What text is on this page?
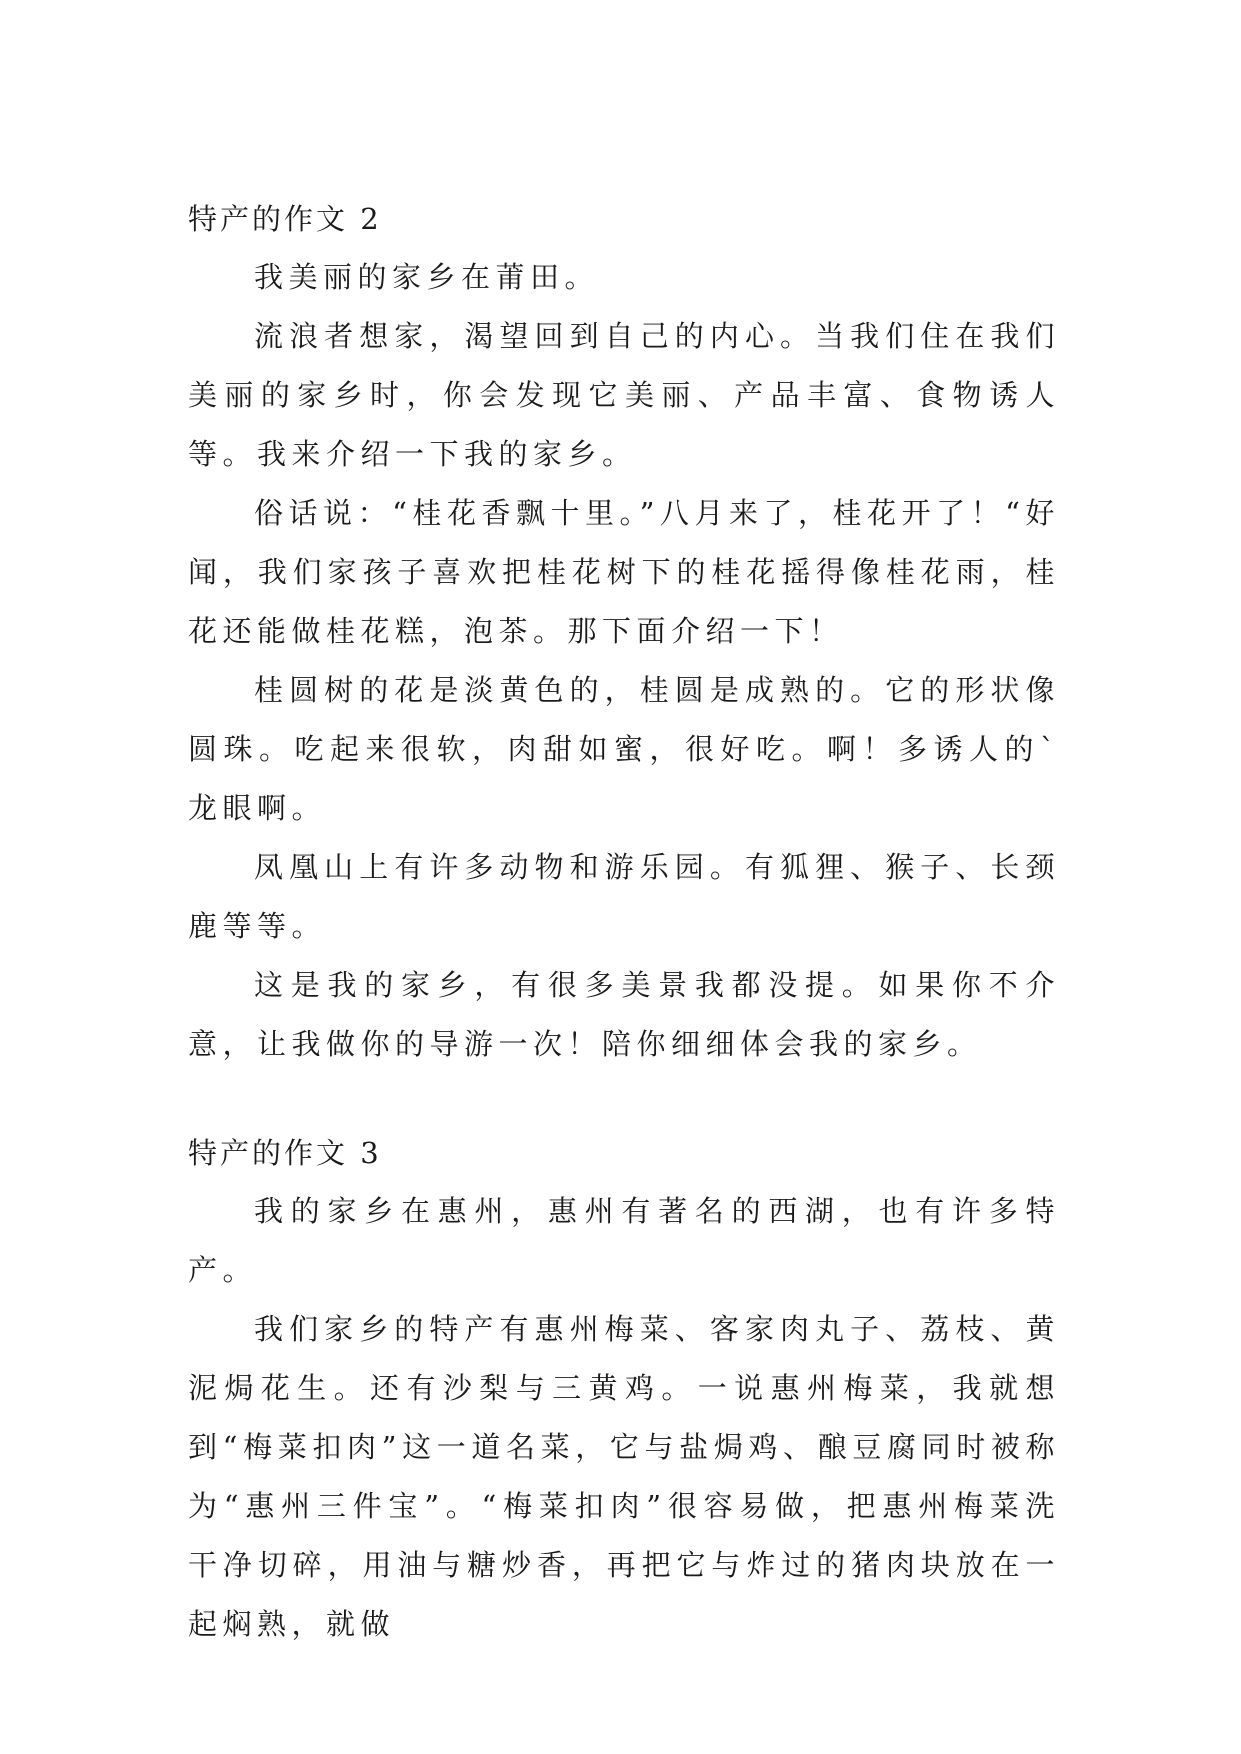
特产的作文 2

我美丽的家乡在莆田。

流浪者想家，渴望回到自己的内心。当我们住在我们美丽的家乡时，你会发现它美丽、产品丰富、食物诱人等。我来介绍一下我的家乡。

俗话说：“桂花香飘十里。”八月来了，桂花开了！“好闻，我们家孩子喜欢把桂花树下的桂花摇得像桂花雨，桂花还能做桂花糕，泡茶。那下面介绍一下！

桂圆树的花是淡黄色的，桂圆是成熟的。它的形状像圆珠。吃起来很软，肉甜如蜜，很好吃。啊！多诱人的`龙眼啊。

凤凰山上有许多动物和游乐园。有狐狸、猴子、长颈鹿等等。

这是我的家乡，有很多美景我都没提。如果你不介意，让我做你的导游一次！陪你细细体会我的家乡。

特产的作文 3

我的家乡在惠州，惠州有著名的西湖，也有许多特产。

我们家乡的特产有惠州梅菜、客家肉丸子、荔枝、黄泥焗花生。还有沙梨与三黄鸡。一说惠州梅菜，我就想到“梅菜扣肉”这一道名菜，它与盐焗鸡、酿豆腐同时被称为“惠州三件宝”。“梅菜扣肉”很容易做，把惠州梅菜洗干净切碎，用油与糖炒香，再把它与炸过的猪肉块放在一起焖熟，就做
